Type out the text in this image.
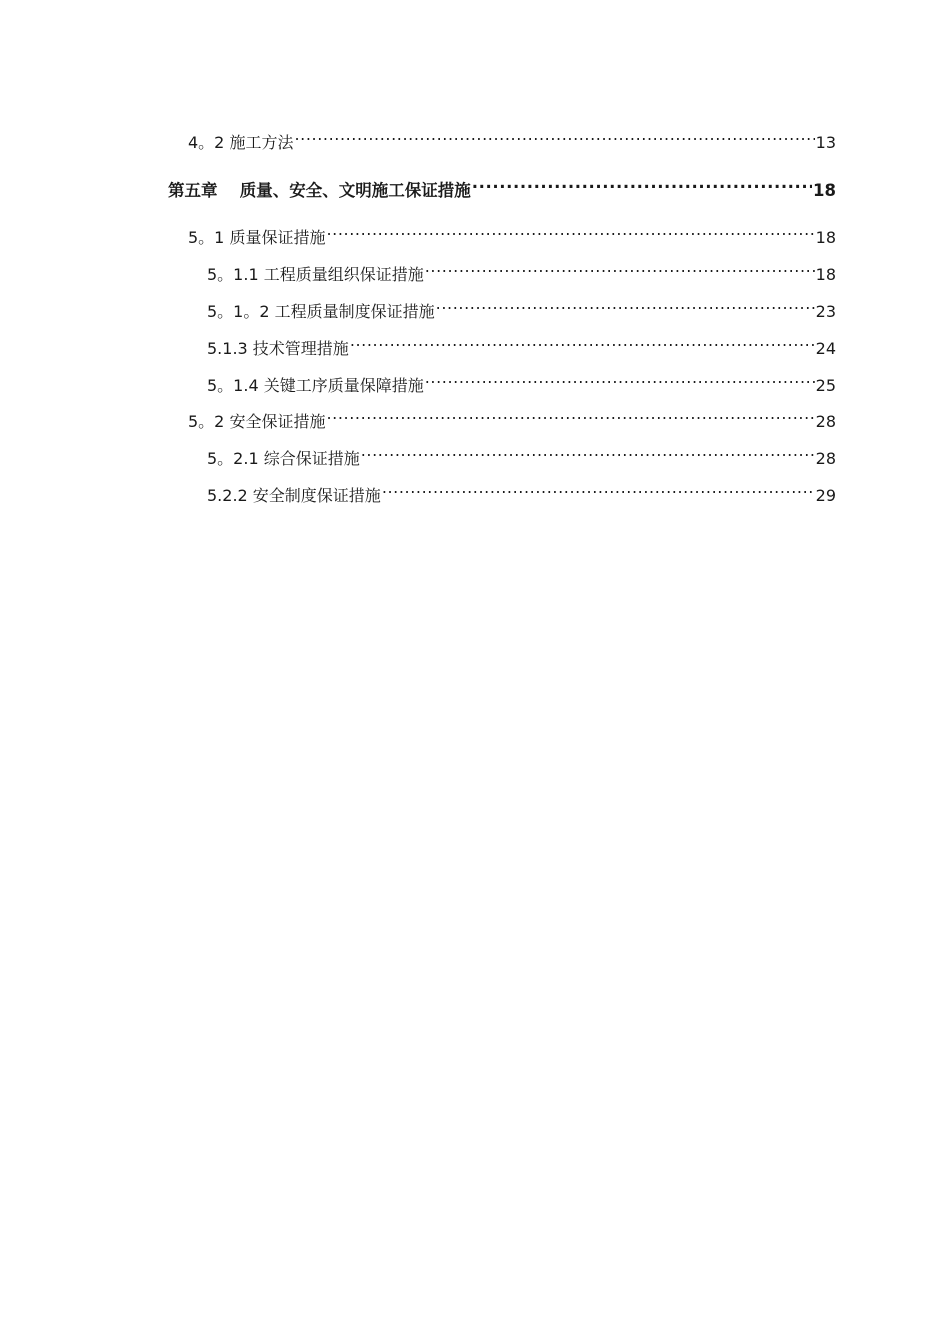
4。2 施工方法 .....	13
第五章　 质量、安全、文明施工保证措施 .....	18
5。1 质量保证措施 .....	18
5。1.1 工程质量组织保证措施 .....	18
5。1。2 工程质量制度保证措施 .....	23
5.1.3 技术管理措施 .....	24
5。1.4 关键工序质量保障措施 .....	25
5。2 安全保证措施 .....	28
5。2.1 综合保证措施 .....	28
5.2.2 安全制度保证措施 .....	29
